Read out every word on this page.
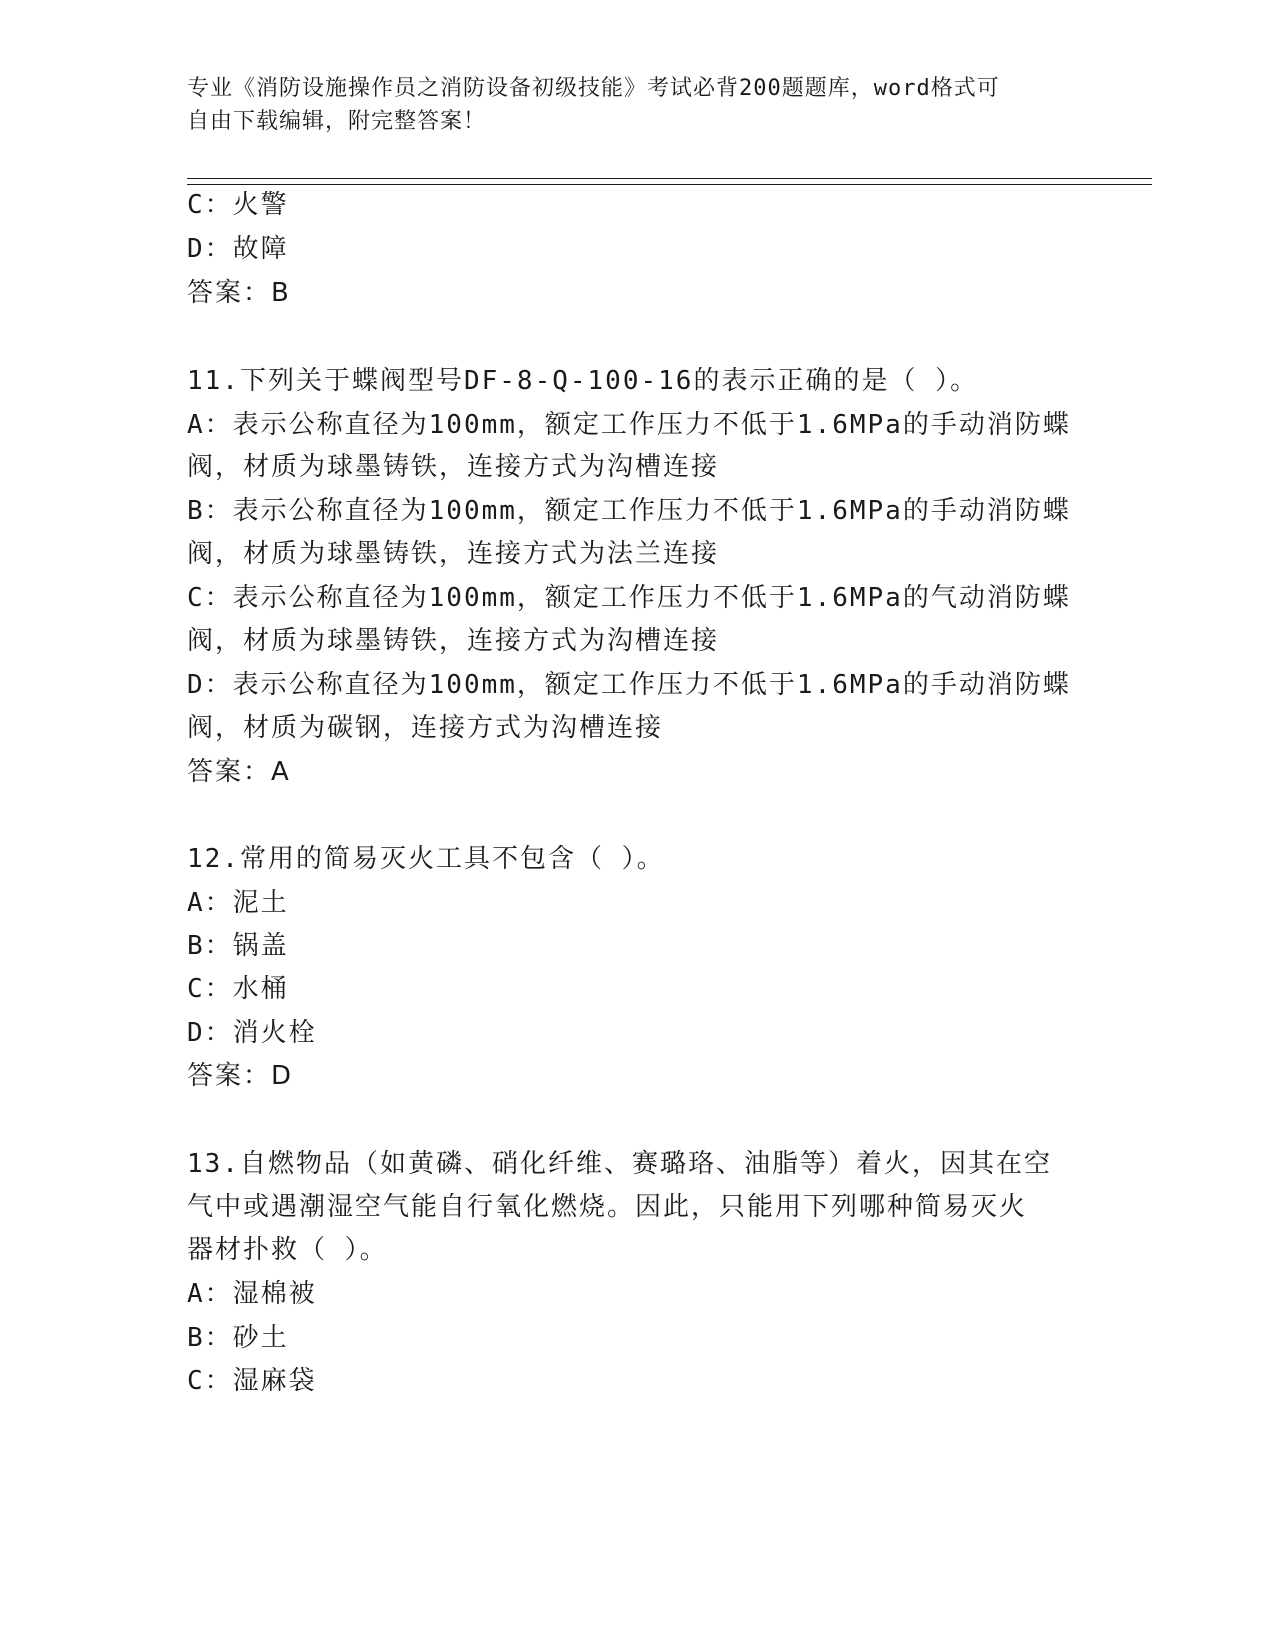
专业《消防设施操作员之消防设备初级技能》考试必背200题题库，word格式可
自由下载编辑，附完整答案！
C：火警
D：故障
答案：B
11.下列关于蝶阀型号DF-8-Q-100-16的表示正确的是（ ）。
A：表示公称直径为100mm，额定工作压力不低于1.6MPa的手动消防蝶
阀，材质为球墨铸铁，连接方式为沟槽连接
B：表示公称直径为100mm，额定工作压力不低于1.6MPa的手动消防蝶
阀，材质为球墨铸铁，连接方式为法兰连接
C：表示公称直径为100mm，额定工作压力不低于1.6MPa的气动消防蝶
阀，材质为球墨铸铁，连接方式为沟槽连接
D：表示公称直径为100mm，额定工作压力不低于1.6MPa的手动消防蝶
阀，材质为碳钢，连接方式为沟槽连接
答案：A
12.常用的简易灭火工具不包含（ ）。
A：泥土
B：锅盖
C：水桶
D：消火栓
答案：D
13.自燃物品（如黄磷、硝化纤维、赛璐珞、油脂等）着火，因其在空
气中或遇潮湿空气能自行氧化燃烧。因此，只能用下列哪种简易灭火
器材扑救（ ）。
A：湿棉被
B：砂土
C：湿麻袋
